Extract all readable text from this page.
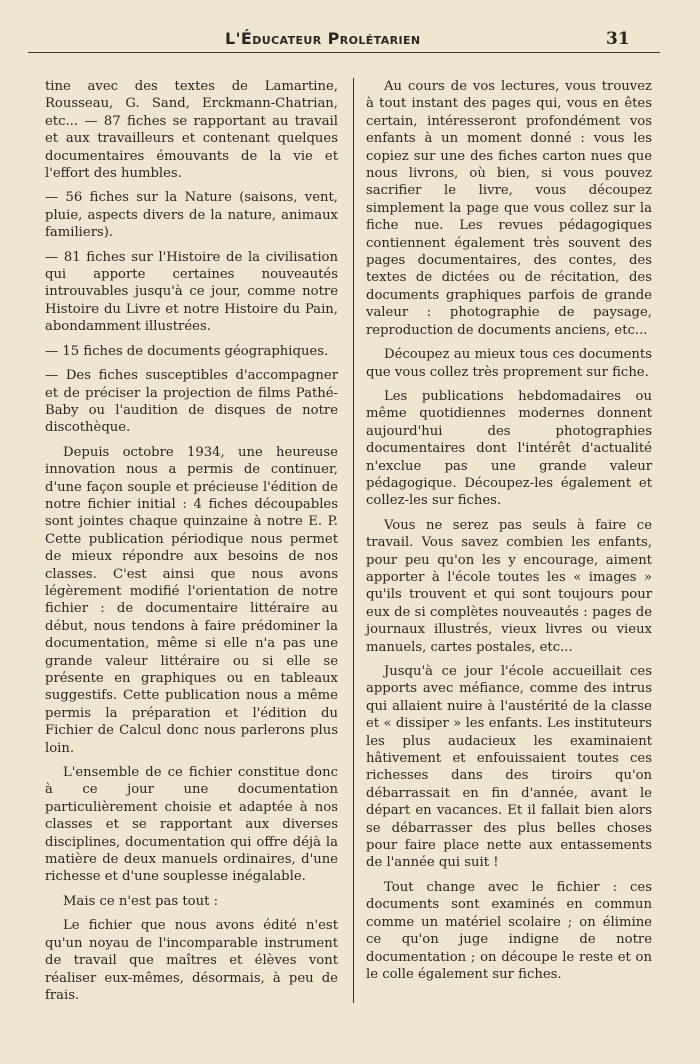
L'Éducateur Prolétarien	31

tine avec des textes de Lamartine, Rousseau, G. Sand, Erckmann-Chatrian, etc... — 87 fiches se rapportant au travail et aux travailleurs et contenant quelques documentaires émouvants de la vie et l'effort des humbles.

— 56 fiches sur la Nature (saisons, vent, pluie, aspects divers de la nature, animaux familiers).

— 81 fiches sur l'Histoire de la civilisation qui apporte certaines nouveautés introuvables jusqu'à ce jour, comme notre Histoire du Livre et notre Histoire du Pain, abondamment illustrées.

— 15 fiches de documents géographiques.

— Des fiches susceptibles d'accompagner et de préciser la projection de films Pathé-Baby ou l'audition de disques de notre discothèque.

Depuis octobre 1934, une heureuse innovation nous a permis de continuer, d'une façon souple et précieuse l'édition de notre fichier initial : 4 fiches découpables sont jointes chaque quinzaine à notre E. P. Cette publication périodique nous permet de mieux répondre aux besoins de nos classes. C'est ainsi que nous avons légèrement modifié l'orientation de notre fichier : de documentaire littéraire au début, nous tendons à faire prédominer la documentation, même si elle n'a pas une grande valeur littéraire ou si elle se présente en graphiques ou en tableaux suggestifs. Cette publication nous a même permis la préparation et l'édition du Fichier de Calcul donc nous parlerons plus loin.

L'ensemble de ce fichier constitue donc à ce jour une documentation particulièrement choisie et adaptée à nos classes et se rapportant aux diverses disciplines, documentation qui offre déjà la matière de deux manuels ordinaires, d'une richesse et d'une souplesse inégalable.

Mais ce n'est pas tout :

Le fichier que nous avons édité n'est qu'un noyau de l'incomparable instrument de travail que maîtres et élèves vont réaliser eux-mêmes, désormais, à peu de frais.

Au cours de vos lectures, vous trouvez à tout instant des pages qui, vous en êtes certain, intéresseront profondément vos enfants à un moment donné : vous les copiez sur une des fiches carton nues que nous livrons, où bien, si vous pouvez sacrifier le livre, vous découpez simplement la page que vous collez sur la fiche nue. Les revues pédagogiques contiennent également très souvent des pages documentaires, des contes, des textes de dictées ou de récitation, des documents graphiques parfois de grande valeur : photographie de paysage, reproduction de documents anciens, etc...

Découpez au mieux tous ces documents que vous collez très proprement sur fiche.

Les publications hebdomadaires ou même quotidiennes modernes donnent aujourd'hui des photographies documentaires dont l'intérêt d'actualité n'exclue pas une grande valeur pédagogique. Découpez-les également et collez-les sur fiches.

Vous ne serez pas seuls à faire ce travail. Vous savez combien les enfants, pour peu qu'on les y encourage, aiment apporter à l'école toutes les « images » qu'ils trouvent et qui sont toujours pour eux de si complètes nouveautés : pages de journaux illustrés, vieux livres ou vieux manuels, cartes postales, etc...

Jusqu'à ce jour l'école accueillait ces apports avec méfiance, comme des intrus qui allaient nuire à l'austérité de la classe et « dissiper » les enfants. Les instituteurs les plus audacieux les examinaient hâtivement et enfouissaient toutes ces richesses dans des tiroirs qu'on débarrassait en fin d'année, avant le départ en vacances. Et il fallait bien alors se débarrasser des plus belles choses pour faire place nette aux entassements de l'année qui suit !

Tout change avec le fichier : ces documents sont examinés en commun comme un matériel scolaire ; on élimine ce qu'on juge indigne de notre documentation ; on découpe le reste et on le colle également sur fiches.
